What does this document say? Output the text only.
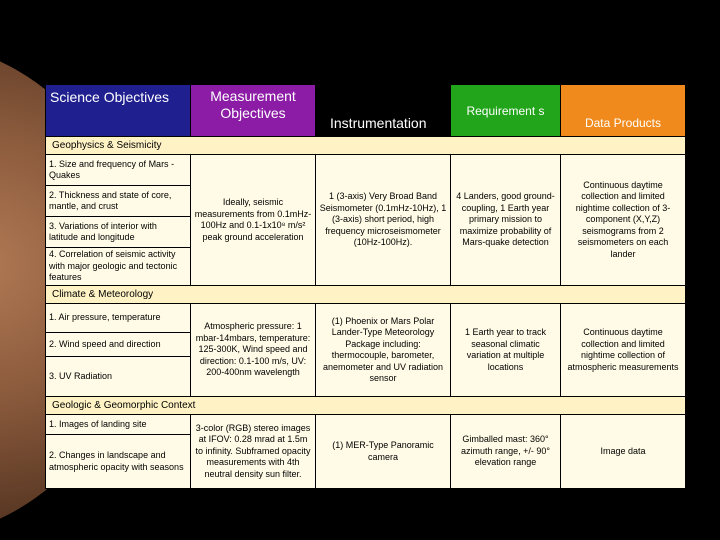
Science Objectives	Measurement Objectives	Instrumentation	Requirement s	Data Products
Geophysics & Seismicity				
1. Size and frequency of Mars -Quakes	Ideally, seismic measurements from 0.1mHz-100Hz and 0.1-1x10⁸ m/s² peak ground acceleration	1 (3-axis) Very Broad Band Seismometer (0.1mHz-10Hz), 1 (3-axis) short period, high frequency microseismometer (10Hz-100Hz).	4 Landers, good ground-coupling, 1 Earth year primary mission to maximize probability of Mars-quake detection	Continuous daytime collection and limited nightime collection of 3-component (X,Y,Z) seismograms from 2 seismometers on each lander
2. Thickness and state of core, mantle, and crust				
3. Variations of interior with latitude and longitude				
4. Correlation of seismic activity with major geologic and tectonic features				
Climate & Meteorology				
1. Air pressure, temperature	Atmospheric pressure: 1 mbar-14mbars, temperature: 125-300K, Wind speed and direction: 0.1-100 m/s, UV: 200-400nm wavelength	(1) Phoenix or Mars Polar Lander-Type Meteorology Package including: thermocouple, barometer, anemometer and UV radiation sensor	1 Earth year to track seasonal climatic variation at multiple locations	Continuous daytime collection and limited nightime collection of atmospheric measurements
2. Wind speed and direction				
3. UV Radiation				
Geologic & Geomorphic Context				
1. Images of landing site	3-color (RGB) stereo images at IFOV: 0.28 mrad at 1.5m to infinity. Subframed opacity measurements with 4th neutral density sun filter.	(1) MER-Type Panoramic camera	Gimballed mast: 360° azimuth range, +/- 90° elevation range	Image data
2. Changes in landscape and atmospheric opacity with seasons				
